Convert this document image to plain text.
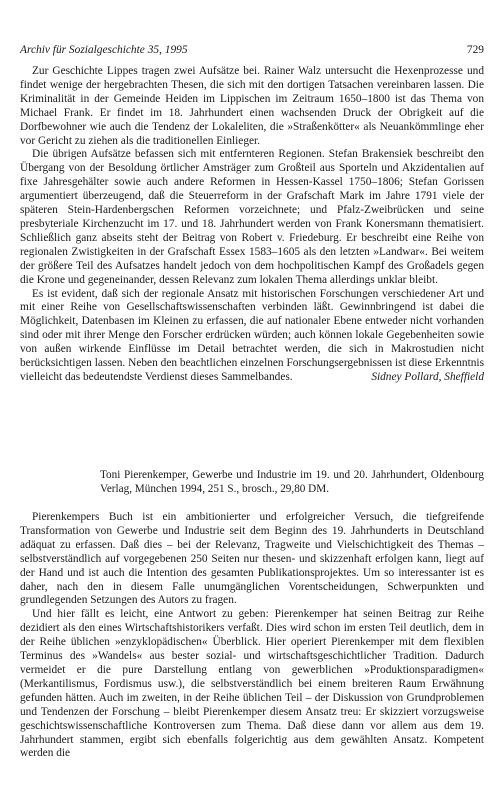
Archiv für Sozialgeschichte 35, 1995	729

Zur Geschichte Lippes tragen zwei Aufsätze bei. Rainer Walz untersucht die Hexenprozesse und findet wenige der hergebrachten Thesen, die sich mit den dortigen Tatsachen vereinbaren lassen. Die Kriminalität in der Gemeinde Heiden im Lippischen im Zeitraum 1650–1800 ist das Thema von Michael Frank. Er findet im 18. Jahrhundert einen wachsenden Druck der Obrigkeit auf die Dorfbewohner wie auch die Tendenz der Lokaleliten, die »Straßenkötter« als Neuankömmlinge eher vor Gericht zu ziehen als die traditionellen Einlieger.

Die übrigen Aufsätze befassen sich mit entfernteren Regionen. Stefan Brakensiek beschreibt den Übergang von der Besoldung örtlicher Amsträger zum Großteil aus Sporteln und Akzidentalien auf fixe Jahresgehälter sowie auch andere Reformen in Hessen-Kassel 1750–1806; Stefan Gorissen argumentiert überzeugend, daß die Steuerreform in der Grafschaft Mark im Jahre 1791 viele der späteren Stein-Hardenbergschen Reformen vorzeichnete; und Pfalz-Zweibrücken und seine presbyteriale Kirchenzucht im 17. und 18. Jahrhundert werden von Frank Konersmann thematisiert. Schließlich ganz abseits steht der Beitrag von Robert v. Friedeburg. Er beschreibt eine Reihe von regionalen Zwistigkeiten in der Grafschaft Essex 1583–1605 als den letzten »Landwar«. Bei weitem der größere Teil des Aufsatzes handelt jedoch von dem hochpolitischen Kampf des Großadels gegen die Krone und gegeneinander, dessen Relevanz zum lokalen Thema allerdings unklar bleibt.

Es ist evident, daß sich der regionale Ansatz mit historischen Forschungen verschiedener Art und mit einer Reihe von Gesellschaftswissenschaften verbinden läßt. Gewinnbringend ist dabei die Möglichkeit, Datenbasen im Kleinen zu erfassen, die auf nationaler Ebene entweder nicht vorhanden sind oder mit ihrer Menge den Forscher erdrücken würden; auch können lokale Gegebenheiten sowie von außen wirkende Einflüsse im Detail betrachtet werden, die sich in Makrostudien nicht berücksichtigen lassen. Neben den beachtlichen einzelnen Forschungsergebnissen ist diese Erkenntnis vielleicht das bedeutendste Verdienst dieses Sammelbandes.	Sidney Pollard, Sheffield

Toni Pierenkemper, Gewerbe und Industrie im 19. und 20. Jahrhundert, Oldenbourg Verlag, München 1994, 251 S., brosch., 29,80 DM.

Pierenkempers Buch ist ein ambitionierter und erfolgreicher Versuch, die tiefgreifende Transformation von Gewerbe und Industrie seit dem Beginn des 19. Jahrhunderts in Deutschland adäquat zu erfassen. Daß dies – bei der Relevanz, Tragweite und Vielschichtigkeit des Themas – selbstverständlich auf vorgegebenen 250 Seiten nur thesen- und skizzenhaft erfolgen kann, liegt auf der Hand und ist auch die Intention des gesamten Publikationsprojektes. Um so interessanter ist es daher, nach den in diesem Falle unumgänglichen Vorentscheidungen, Schwerpunkten und grundlegenden Setzungen des Autors zu fragen.

Und hier fällt es leicht, eine Antwort zu geben: Pierenkemper hat seinen Beitrag zur Reihe dezidiert als den eines Wirtschaftshistorikers verfaßt. Dies wird schon im ersten Teil deutlich, dem in der Reihe üblichen »enzyklopädischen« Überblick. Hier operiert Pierenkemper mit dem flexiblen Terminus des »Wandels« aus bester sozial- und wirtschaftsgeschichtlicher Tradition. Dadurch vermeidet er die pure Darstellung entlang von gewerblichen »Produktionsparadigmen« (Merkantilismus, Fordismus usw.), die selbstverständlich bei einem breiteren Raum Erwähnung gefunden hätten. Auch im zweiten, in der Reihe üblichen Teil – der Diskussion von Grundproblemen und Tendenzen der Forschung – bleibt Pierenkemper diesem Ansatz treu: Er skizziert vorzugsweise geschichtswissenschaftliche Kontroversen zum Thema. Daß diese dann vor allem aus dem 19. Jahrhundert stammen, ergibt sich ebenfalls folgerichtig aus dem gewählten Ansatz. Kompetent werden die
